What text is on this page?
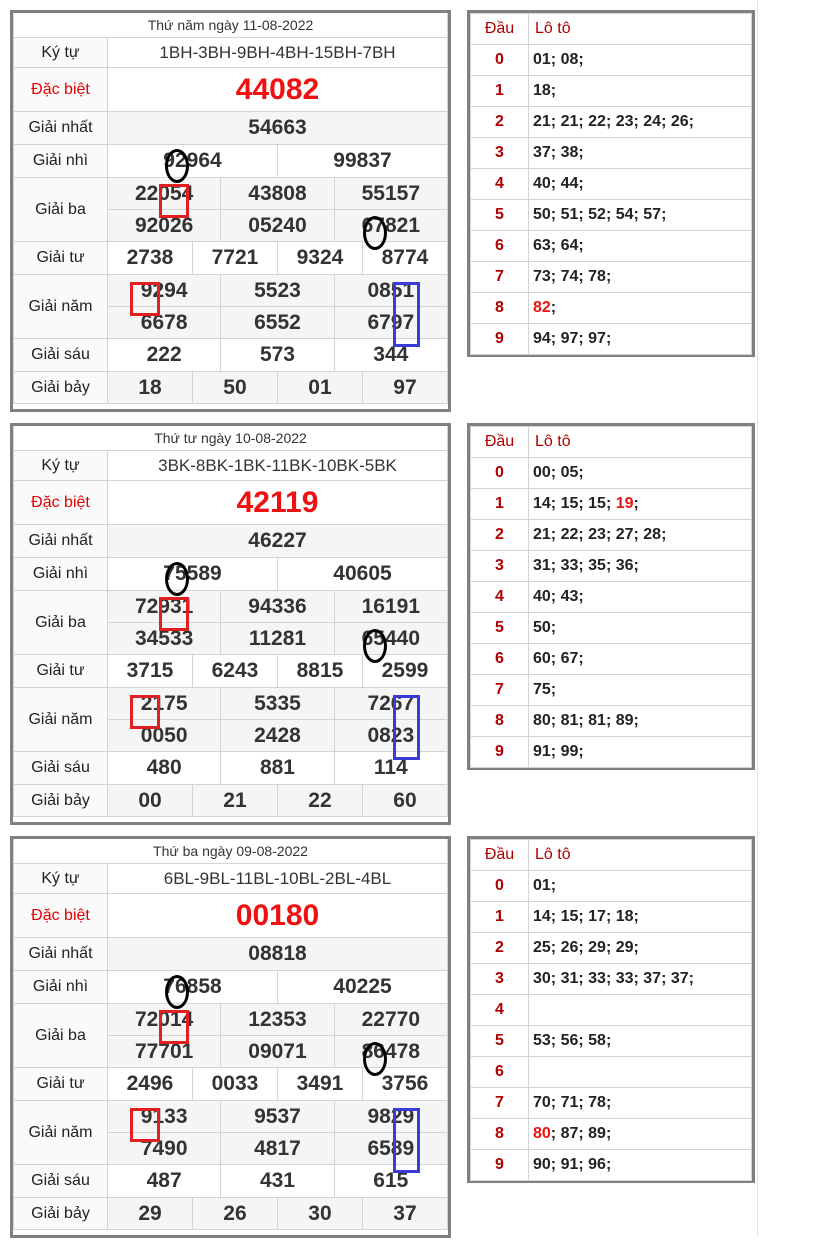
Thứ năm ngày 11-08-2022						
Ký tự	1BH-3BH-9BH-4BH-15BH-7BH					
Đặc biệt	44082					
Giải nhất	54663					
Giải nhì	92964			99837		
Giải ba	22054		43808		55157	
	92026		05240		67821	
Giải tư	2738	7721		9324		8774
Giải năm	9294		5523		0851	
	6678		6552		6797	
Giải sáu	222		573		344	
Giải bảy	18	50		01		97
Đầu	Lô tô
0	01; 08;
1	18;
2	21; 21; 22; 23; 24; 26;
3	37; 38;
4	40; 44;
5	50; 51; 52; 54; 57;
6	63; 64;
7	73; 74; 78;
8	82;
9	94; 97; 97;
Thứ tư ngày 10-08-2022						
Ký tự	3BK-8BK-1BK-11BK-10BK-5BK					
Đặc biệt	42119					
Giải nhất	46227					
Giải nhì	75589			40605		
Giải ba	72931		94336		16191	
	34533		11281		65440	
Giải tư	3715	6243		8815		2599
Giải năm	2175		5335		7267	
	0050		2428		0823	
Giải sáu	480		881		114	
Giải bảy	00	21		22		60
Đầu	Lô tô
0	00; 05;
1	14; 15; 15; 19;
2	21; 22; 23; 27; 28;
3	31; 33; 35; 36;
4	40; 43;
5	50;
6	60; 67;
7	75;
8	80; 81; 81; 89;
9	91; 99;
Thứ ba ngày 09-08-2022						
Ký tự	6BL-9BL-11BL-10BL-2BL-4BL					
Đặc biệt	00180					
Giải nhất	08818					
Giải nhì	76858			40225		
Giải ba	72014		12353		22770	
	77701		09071		86478	
Giải tư	2496	0033		3491		3756
Giải năm	9133		9537		9829	
	7490		4817		6589	
Giải sáu	487		431		615	
Giải bảy	29	26		30		37
Đầu	Lô tô
0	01;
1	14; 15; 17; 18;
2	25; 26; 29; 29;
3	30; 31; 33; 33; 37; 37;
4	
5	53; 56; 58;
6	
7	70; 71; 78;
8	80; 87; 89;
9	90; 91; 96;
